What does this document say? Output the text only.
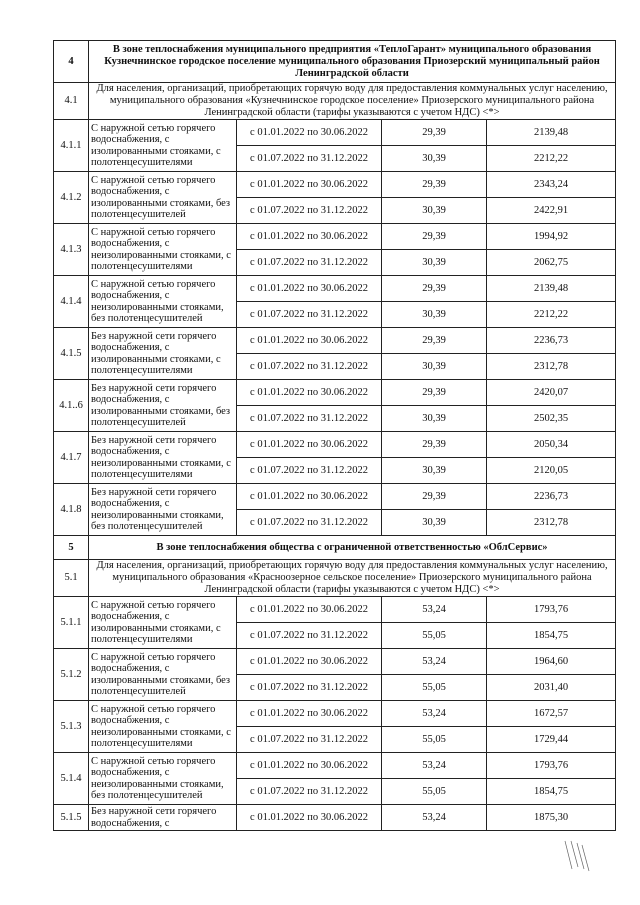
4	В зоне теплоснабжения муниципального предприятия «ТеплоГарант» муниципального образования Кузнечнинское городское поселение муниципального образования Приозерский муниципальный район Ленинградской области			
4.1	Для населения, организаций, приобретающих горячую воду для предоставления коммунальных услуг населению, муниципального образования «Кузнечнинское городское поселение» Приозерского муниципального района Ленинградской области (тарифы указываются с учетом НДС) <*>			
4.1.1	С наружной сетью горячего водоснабжения, с изолированными стояками, с полотенцесушителями	с 01.01.2022 по 30.06.2022	29,39	2139,48
		с 01.07.2022 по 31.12.2022	30,39	2212,22
4.1.2	С наружной сетью горячего водоснабжения, с изолированными стояками, без полотенцесушителей	с 01.01.2022 по 30.06.2022	29,39	2343,24
		с 01.07.2022 по 31.12.2022	30,39	2422,91
4.1.3	С наружной сетью горячего водоснабжения, с неизолированными стояками, с полотенцесушителями	с 01.01.2022 по 30.06.2022	29,39	1994,92
		с 01.07.2022 по 31.12.2022	30,39	2062,75
4.1.4	С наружной сетью горячего водоснабжения, с неизолированными стояками, без полотенцесушителей	с 01.01.2022 по 30.06.2022	29,39	2139,48
		с 01.07.2022 по 31.12.2022	30,39	2212,22
4.1.5	Без наружной сети горячего водоснабжения, с изолированными стояками, с полотенцесушителями	с 01.01.2022 по 30.06.2022	29,39	2236,73
		с 01.07.2022 по 31.12.2022	30,39	2312,78
4.1..6	Без наружной сети горячего водоснабжения, с изолированными стояками, без полотенцесушителей	с 01.01.2022 по 30.06.2022	29,39	2420,07
		с 01.07.2022 по 31.12.2022	30,39	2502,35
4.1.7	Без наружной сети горячего водоснабжения, с неизолированными стояками, с полотенцесушителями	с 01.01.2022 по 30.06.2022	29,39	2050,34
		с 01.07.2022 по 31.12.2022	30,39	2120,05
4.1.8	Без наружной сети горячего водоснабжения, с неизолированными стояками, без полотенцесушителей	с 01.01.2022 по 30.06.2022	29,39	2236,73
		с 01.07.2022 по 31.12.2022	30,39	2312,78
5	В зоне теплоснабжения общества с ограниченной ответственностью «ОблСервис»			
5.1	Для населения, организаций, приобретающих горячую воду для предоставления коммунальных услуг населению, муниципального образования «Красноозерное сельское поселение» Приозерского муниципального района Ленинградской области (тарифы указываются с учетом НДС) <*>			
5.1.1	С наружной сетью горячего водоснабжения, с изолированными стояками, с полотенцесушителями	с 01.01.2022 по 30.06.2022	53,24	1793,76
		с 01.07.2022 по 31.12.2022	55,05	1854,75
5.1.2	С наружной сетью горячего водоснабжения, с изолированными стояками, без полотенцесушителей	с 01.01.2022 по 30.06.2022	53,24	1964,60
		с 01.07.2022 по 31.12.2022	55,05	2031,40
5.1.3	С наружной сетью горячего водоснабжения, с неизолированными стояками, с полотенцесушителями	с 01.01.2022 по 30.06.2022	53,24	1672,57
		с 01.07.2022 по 31.12.2022	55,05	1729,44
5.1.4	С наружной сетью горячего водоснабжения, с неизолированными стояками, без полотенцесушителей	с 01.01.2022 по 30.06.2022	53,24	1793,76
		с 01.07.2022 по 31.12.2022	55,05	1854,75
5.1.5	Без наружной сети горячего водоснабжения, с	с 01.01.2022 по 30.06.2022	53,24	1875,30
